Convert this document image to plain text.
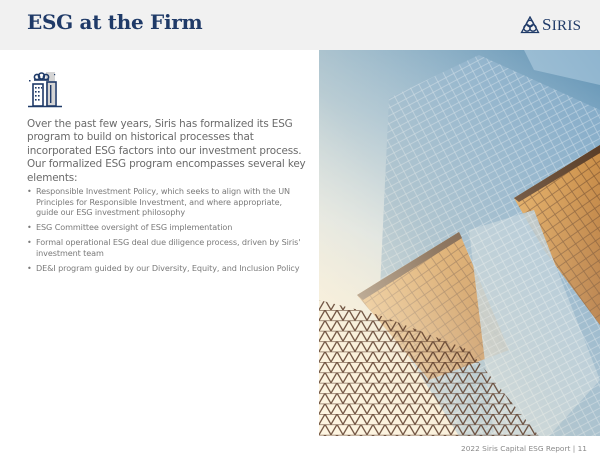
ESG at the Firm	SIRIS

Over the past few years, Siris has formalized its ESG program to build on historical processes that incorporated ESG factors into our investment process. Our formalized ESG program encompasses several key elements:

• Responsible Investment Policy, which seeks to align with the UN Principles for Responsible Investment, and where appropriate, guide our ESG investment philosophy
• ESG Committee oversight of ESG implementation
• Formal operational ESG deal due diligence process, driven by Siris' investment team
• DE&I program guided by our Diversity, Equity, and Inclusion Policy
2022 Siris Capital ESG Report | 11
